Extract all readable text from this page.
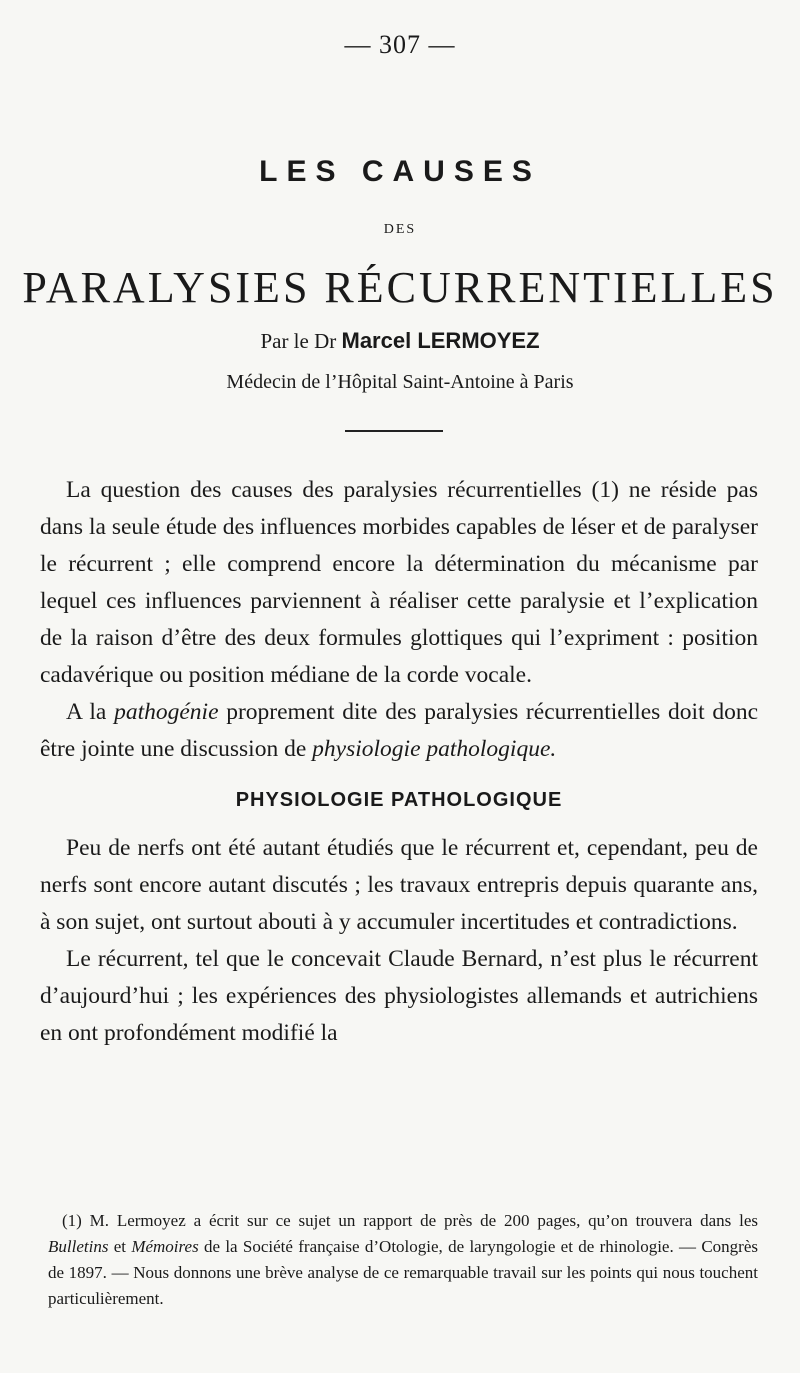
— 307 —
LES CAUSES
DES
PARALYSIES RÉCURRENTIELLES
Par le Dr Marcel LERMOYEZ
Médecin de l’Hôpital Saint-Antoine à Paris

La question des causes des paralysies récurrentielles (1) ne réside pas dans la seule étude des influences morbides capables de léser et de paralyser le récurrent ; elle comprend encore la détermination du mécanisme par lequel ces influences parviennent à réaliser cette paralysie et l’explication de la raison d’être des deux formules glottiques qui l’expriment : position cadavérique ou position médiane de la corde vocale.

A la pathogénie proprement dite des paralysies récurrentielles doit donc être jointe une discussion de physiologie pathologique.

PHYSIOLOGIE PATHOLOGIQUE

Peu de nerfs ont été autant étudiés que le récurrent et, cependant, peu de nerfs sont encore autant discutés ; les travaux entrepris depuis quarante ans, à son sujet, ont surtout abouti à y accumuler incertitudes et contradictions.

Le récurrent, tel que le concevait Claude Bernard, n’est plus le récurrent d’aujourd’hui ; les expériences des physiologistes allemands et autrichiens en ont profondément modifié la

(1) M. Lermoyez a écrit sur ce sujet un rapport de près de 200 pages, qu’on trouvera dans les Bulletins et Mémoires de la Société française d’Otologie, de laryngologie et de rhinologie. — Congrès de 1897. — Nous donnons une brève analyse de ce remarquable travail sur les points qui nous touchent particulièrement.
